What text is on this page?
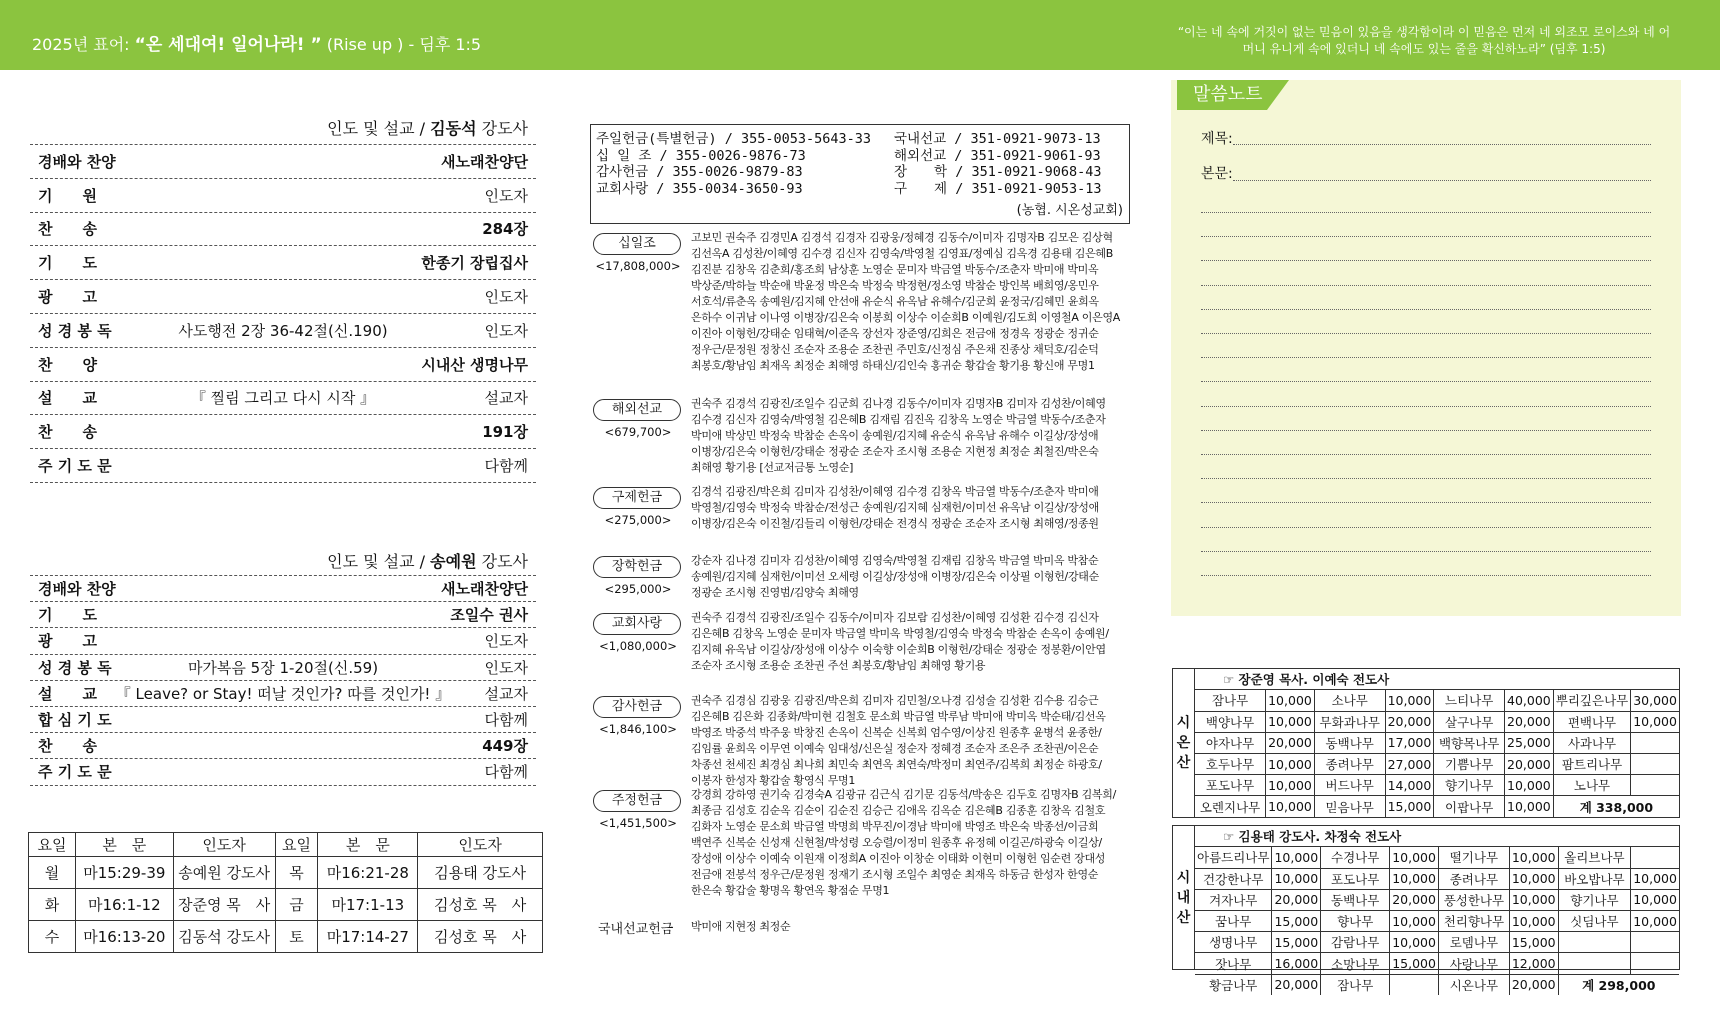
2025년 표어: “온 세대여! 일어나라! ” (Rise up ) - 딤후 1:5
“이는 네 속에 거짓이 없는 믿음이 있음을 생각함이라 이 믿음은 먼저 네 외조모 로이스와 네 어머니 유니게 속에 있더니 네 속에도 있는 줄을 확신하노라” (딤후 1:5)
주일오후예배 오후 2:30
인도 및 설교 / 김동석 강도사
경배와 찬양	새노래찬양단
기　　원	인도자
찬　　송	284장
기　　도	한종기 장립집사
광　　고	인도자
성 경 봉 독	사도행전 2장 36-42절(신.190)	인도자
찬　　양	시내산 생명나무
설　　교	『 찔림 그리고 다시 시작 』	설교자
찬　　송	191장
주 기 도 문	다함께
수요기도회 오후 7:30
인도 및 설교 / 송예원 강도사
경배와 찬양	새노래찬양단
기　　도	조일수 권사
광　　고	인도자
성 경 봉 독	마가복음 5장 1-20절(신.59)	인도자
설　　교	『 Leave? or Stay! 떠날 것인가? 따를 것인가! 』	설교자
합 심 기 도	다함께
찬　　송	449장
주 기 도 문	다함께
새벽기도회 오전 5:30
요일	본　문	인도자	요일	본　문	인도자
월	마15:29-39	송예원 강도사	목	마16:21-28	김용태 강도사
화	마16:1-12	장준영 목　사	금	마17:1-13	김성호 목　사
수	마16:13-20	김동석 강도사	토	마17:14-27	김성호 목　사
주께 드린 예물
주일헌금(특별헌금) / 355-0053-5643-33
십 일 조 / 355-0026-9876-73
감사헌금 / 355-0026-9879-83
교회사랑 / 355-0034-3650-93
국내선교 / 351-0921-9073-13
해외선교 / 351-0921-9061-93
장　　학 / 351-0921-9068-43
구　　제 / 351-0921-9053-13
(농협. 시온성교회)
십일조
<17,808,000>
고보민 권숙주 김경민A 김경석 김경자 김광웅/정혜경 김동수/이미자 김명자B 김모은 김상혁 김선옥A 김성찬/이혜영 김수경 김신자 김영숙/박영철 김영표/정예심 김옥경 김용태 김은혜B 김진분 김창옥 김춘희/홍조희 남상훈 노영순 문미자 박금열 박동수/조춘자 박미애 박미옥 박상준/박하늘 박순애 박윤정 박은숙 박정숙 박정현/정소영 박참순 방인복 배희영/옹민우 서호석/류춘옥 송예원/김지혜 안선애 유순식 유옥남 유해수/김군희 윤정국/김혜민 윤희옥 은하수 이귀남 이나영 이병장/김은숙 이봉희 이상수 이순희B 이예원/김도희 이영철A 이은영A 이진아 이형헌/강태순 임태혁/이준옥 장선자 장준영/김희은 전금애 정경옥 정광순 정귀순 정우근/문정원 정창신 조순자 조용순 조찬권 주민호/신정심 주은채 진종상 채덕호/김순덕 최봉호/황남임 최재옥 최정순 최해영 하태신/김인숙 홍귀순 황갑술 황기용 황신애 무명1
해외선교
<679,700>
권숙주 김경석 김광진/조일수 김군희 김나경 김동수/이미자 김명자B 김미자 김성찬/이혜영 김수경 김신자 김영숙/박영철 김은혜B 김재림 김진옥 김창옥 노영순 박금열 박동수/조춘자 박미애 박상민 박정숙 박참순 손옥이 송예원/김지혜 유순식 유옥남 유해수 이길상/장성애 이병장/김은숙 이형헌/강태순 정광순 조순자 조시형 조용순 지현정 최정순 최철진/박은숙 최해영 황기용 [선교저금통 노영순]
구제헌금
<275,000>
김경석 김광진/박은희 김미자 김성찬/이혜영 김수경 김창옥 박금열 박동수/조춘자 박미애 박영철/김영숙 박정숙 박참순/전성근 송예원/김지혜 심재헌/이미선 유옥남 이길상/장성애 이병장/김은숙 이진철/김들리 이형헌/강태순 전경식 정광순 조순자 조시형 최해영/정종원
장학헌금
<295,000>
강순자 김나경 김미자 김성찬/이혜영 김영숙/박영철 김재림 김창옥 박금열 박미옥 박참순 송예원/김지혜 심재헌/이미선 오세령 이길상/장성애 이병장/김은숙 이상필 이형헌/강태순 정광순 조시형 진영범/김양숙 최해영
교회사랑
<1,080,000>
권숙주 김경석 김광진/조일수 김동수/이미자 김보람 김성찬/이혜영 김성환 김수경 김신자 김은혜B 김창옥 노영순 문미자 박금열 박미옥 박영철/김영숙 박정숙 박참순 손옥이 송예원/김지혜 유옥남 이길상/장성애 이상수 이숙향 이순희B 이형헌/강태순 정광순 정봉환/이안엽 조순자 조시형 조용순 조찬권 주선 최봉호/황남임 최해영 황기용
감사헌금
<1,846,100>
권숙주 김경심 김광웅 김광진/박은희 김미자 김민철/오나경 김성술 김성환 김수용 김승근 김은혜B 김은화 김종화/박미현 김철호 문소희 박금열 박루남 박미애 박미옥 박순태/김선옥 박영조 박중석 박주웅 박창진 손옥이 신복순 신복희 엄수영/이상진 원종후 윤병석 윤종한/김임률 윤희옥 이무연 이예숙 임대성/신은실 정순자 정혜경 조순자 조은주 조찬권/이은순 차종선 천세진 최경심 최나희 최민숙 최연옥 최연숙/박정미 최연주/김복희 최정순 하광호/이봉자 한성자 황갑술 황영식 무명1
주정헌금
<1,451,500>
강경희 강하영 권기숙 김경숙A 김광규 김근식 김기문 김동석/박송은 김두호 김명자B 김복희/최종금 김성호 김순옥 김순이 김순진 김승근 김애옥 김옥순 김은혜B 김종훈 김창옥 김철호 김화자 노영순 문소희 박금열 박명희 박무진/이경남 박미애 박영조 박은숙 박종선/이금희 백연주 신복순 신성재 신현철/박성령 오승렬/이정미 원종후 유정혜 이길곤/하광숙 이길상/장성애 이상수 이예숙 이원재 이정희A 이진아 이창순 이태화 이현미 이형헌 임순련 장대성 전금애 전봉석 정우근/문정원 정재기 조시형 조일수 최영순 최재옥 하동금 한성자 한영순 한은숙 황갑술 황명옥 황연옥 황점순 무명1
국내선교헌금 박미애 지현정 최정순
말씀노트
제목:
본문:
나무모임
시
온
산
☞ 장준영 목사. 이예숙 전도사
잠나무	10,000	소나무	10,000	느티나무	40,000	뿌리깊은나무	30,000
백양나무	10,000	무화과나무	20,000	살구나무	20,000	편백나무	10,000
야자나무	20,000	동백나무	17,000	백향목나무	25,000	사과나무	
호두나무	10,000	종려나무	27,000	기쁨나무	20,000	팜트리나무	
포도나무	10,000	버드나무	14,000	향기나무	10,000	노나무	
오렌지나무	10,000	믿음나무	15,000	이팝나무	10,000	계 338,000	
시
내
산
☞ 김용태 강도사. 차정숙 전도사
아름드리나무	10,000	수경나무	10,000	떨기나무	10,000	올리브나무	
건강한나무	10,000	포도나무	10,000	종려나무	10,000	바오밥나무	10,000
겨자나무	20,000	동백나무	20,000	풍성한나무	10,000	향기나무	10,000
꿈나무	15,000	향나무	10,000	천리향나무	10,000	싯딤나무	10,000
생명나무	15,000	감람나무	10,000	로뎀나무	15,000		
잣나무	16,000	소망나무	15,000	사랑나무	12,000		
황금나무	20,000	잠나무		시온나무	20,000	계 298,000	
